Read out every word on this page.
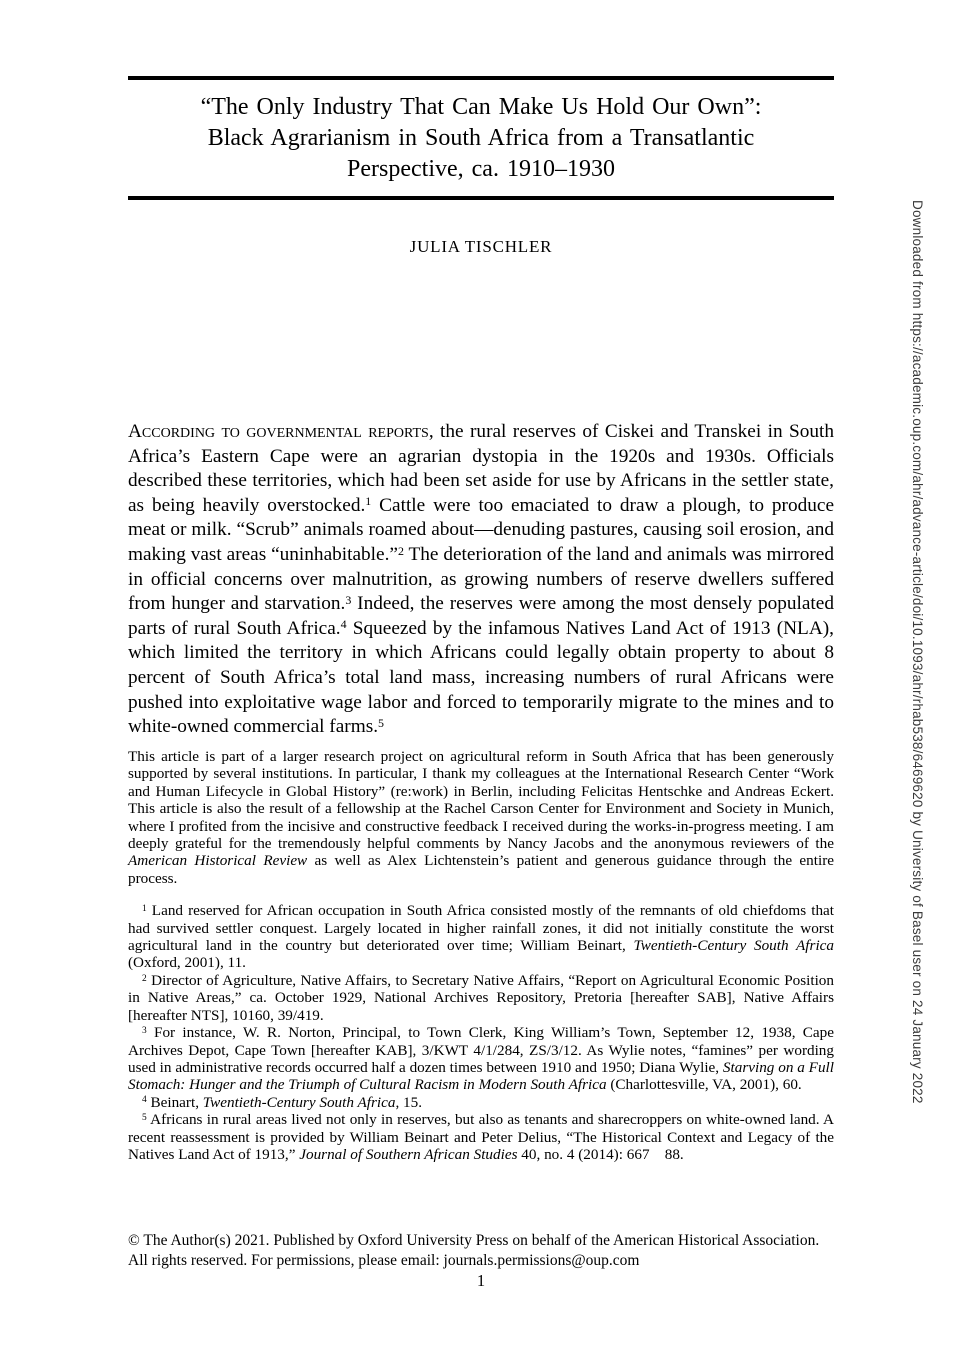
“The Only Industry That Can Make Us Hold Our Own”:
Black Agrarianism in South Africa from a Transatlantic
Perspective, ca. 1910–1930
JULIA TISCHLER

According to governmental reports, the rural reserves of Ciskei and Transkei in South Africa’s Eastern Cape were an agrarian dystopia in the 1920s and 1930s. Officials described these territories, which had been set aside for use by Africans in the settler state, as being heavily overstocked.$^1$ Cattle were too emaciated to draw a plough, to produce meat or milk. “Scrub” animals roamed about—denuding pastures, causing soil erosion, and making vast areas “uninhabitable.”$^2$ The deterioration of the land and animals was mirrored in official concerns over malnutrition, as growing numbers of reserve dwellers suffered from hunger and starvation.$^3$ Indeed, the reserves were among the most densely populated parts of rural South Africa.$^4$ Squeezed by the infamous Natives Land Act of 1913 (NLA), which limited the territory in which Africans could legally obtain property to about 8 percent of South Africa’s total land mass, increasing numbers of rural Africans were pushed into exploitative wage labor and forced to temporarily migrate to the mines and to white-owned commercial farms.$^5$

This article is part of a larger research project on agricultural reform in South Africa that has been generously supported by several institutions. In particular, I thank my colleagues at the International Research Center “Work and Human Lifecycle in Global History” (re:work) in Berlin, including Felicitas Hentschke and Andreas Eckert. This article is also the result of a fellowship at the Rachel Carson Center for Environment and Society in Munich, where I profited from the incisive and constructive feedback I received during the works-in-progress meeting. I am deeply grateful for the tremendously helpful comments by Nancy Jacobs and the anonymous reviewers of the American Historical Review as well as Alex Lichtenstein’s patient and generous guidance through the entire process.

$^1$ Land reserved for African occupation in South Africa consisted mostly of the remnants of old chiefdoms that had survived settler conquest. Largely located in higher rainfall zones, it did not initially constitute the worst agricultural land in the country but deteriorated over time; William Beinart, Twentieth-Century South Africa (Oxford, 2001), 11.

$^2$ Director of Agriculture, Native Affairs, to Secretary Native Affairs, “Report on Agricultural Economic Position in Native Areas,” ca. October 1929, National Archives Repository, Pretoria [hereafter SAB], Native Affairs [hereafter NTS], 10160, 39/419.

$^3$ For instance, W. R. Norton, Principal, to Town Clerk, King William’s Town, September 12, 1938, Cape Archives Depot, Cape Town [hereafter KAB], 3/KWT 4/1/284, ZS/3/12. As Wylie notes, “famines” per wording used in administrative records occurred half a dozen times between 1910 and 1950; Diana Wylie, Starving on a Full Stomach: Hunger and the Triumph of Cultural Racism in Modern South Africa (Charlottesville, VA, 2001), 60.

$^4$ Beinart, Twentieth-Century South Africa, 15.

$^5$ Africans in rural areas lived not only in reserves, but also as tenants and sharecroppers on white-owned land. A recent reassessment is provided by William Beinart and Peter Delius, “The Historical Context and Legacy of the Natives Land Act of 1913,” Journal of Southern African Studies 40, no. 4 (2014): 667 88.

© The Author(s) 2021. Published by Oxford University Press on behalf of the American Historical Association. All rights reserved. For permissions, please email: journals.permissions@oup.com
1
Downloaded from https://academic.oup.com/ahr/advance-article/doi/10.1093/ahr/rhab538/6469620 by University of Basel user on 24 January 2022
